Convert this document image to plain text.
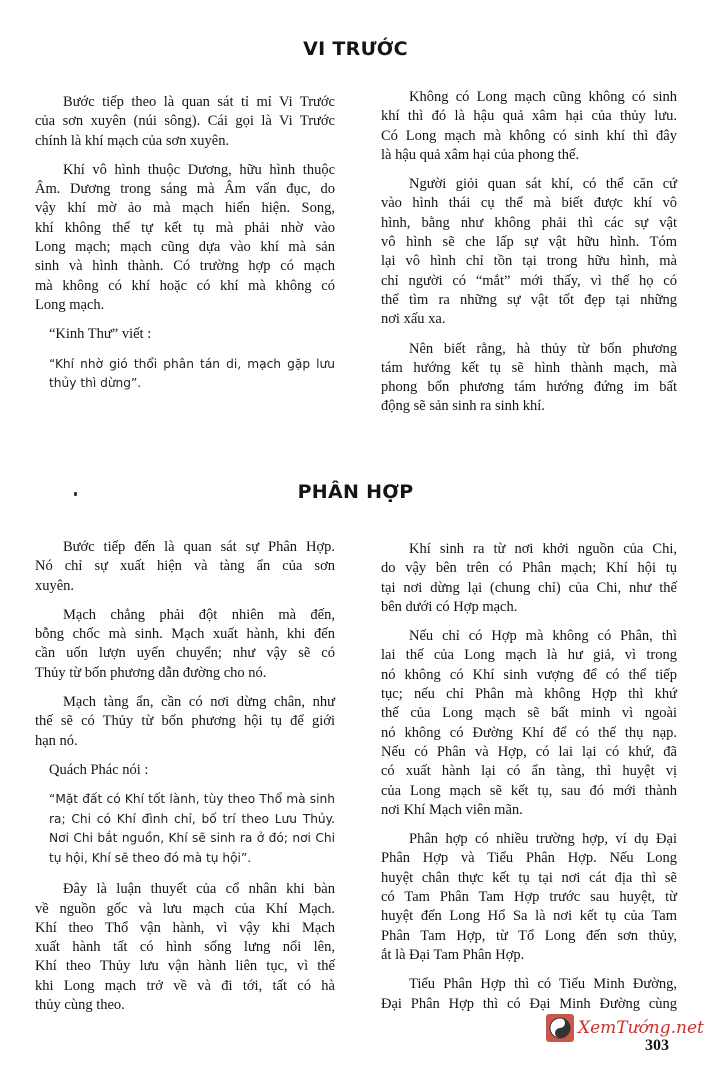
VI TRƯỚC
Bước tiếp theo là quan sát tỉ mỉ Vi Trước
của sơn xuyên (núi sông). Cái gọi là Vi Trước
chính là khí mạch của sơn xuyên.
Khí vô hình thuộc Dương, hữu hình thuộc
Âm. Dương trong sáng mà Âm vẩn đục, do
vậy khí mờ ảo mà mạch hiển hiện. Song,
khí không thể tự kết tụ mà phải nhờ vào
Long mạch; mạch cũng dựa vào khí mà sản
sinh và hình thành. Có trường hợp có mạch
mà không có khí hoặc có khí mà không có
Long mạch.
“Kinh Thư” viết :
“Khí nhờ gió thổi phân tán di, mạch gặp lưu
thủy thì dừng”.
Không có Long mạch cũng không có sinh
khí thì đó là hậu quả xâm hại của thủy lưu.
Có Long mạch mà không có sinh khí thì đây
là hậu quả xâm hại của phong thế.
Người giỏi quan sát khí, có thể căn cứ
vào hình thái cụ thể mà biết được khí vô
hình, bằng như không phải thì các sự vật
vô hình sẽ che lấp sự vật hữu hình. Tóm
lại vô hình chỉ tồn tại trong hữu hình, mà
chỉ người có “mắt” mới thấy, vì thế họ có
thể tìm ra những sự vật tốt đẹp tại những
nơi xấu xa.
Nên biết rằng, hà thủy từ bốn phương
tám hướng kết tụ sẽ hình thành mạch, mà
phong bốn phương tám hướng đứng im bất
động sẽ sản sinh ra sinh khí.
PHÂN HỢP
Bước tiếp đến là quan sát sự Phân Hợp.
Nó chỉ sự xuất hiện và tàng ẩn của sơn
xuyên.
Mạch chẳng phải đột nhiên mà đến,
bỗng chốc mà sinh. Mạch xuất hành, khi đến
cần uốn lượn uyển chuyển; như vậy sẽ có
Thủy từ bốn phương dẫn đường cho nó.
Mạch tàng ẩn, cần có nơi dừng chân, như
thế sẽ có Thủy từ bốn phương hội tụ để giới
hạn nó.
Quách Phác nói :
“Mặt đất có Khí tốt lành, tùy theo Thổ mà sinh
ra; Chi có Khí đình chỉ, bố trí theo Lưu Thủy.
Nơi Chi bắt nguồn, Khí sẽ sinh ra ở đó; nơi Chi
tụ hội, Khí sẽ theo đó mà tụ hội”.
Đây là luận thuyết của cổ nhân khi bàn
về nguồn gốc và lưu mạch của Khí Mạch.
Khí theo Thổ vận hành, vì vậy khi Mạch
xuất hành tất có hình sống lưng nổi lên,
Khí theo Thủy lưu vận hành liên tục, vì thế
khi Long mạch trở về và đi tới, tất có hà
thủy cùng theo.
Khí sinh ra từ nơi khởi nguồn của Chi,
do vậy bên trên có Phân mạch; Khí hội tụ
tại nơi dừng lại (chung chỉ) của Chi, như thế
bên dưới có Hợp mạch.
Nếu chỉ có Hợp mà không có Phân, thì
lai thế của Long mạch là hư giả, vì trong
nó không có Khí sinh vượng để có thể tiếp
tục; nếu chỉ Phân mà không Hợp thì khứ
thế của Long mạch sẽ bất minh vì ngoài
nó không có Đường Khí để có thể thụ nạp.
Nếu có Phân và Hợp, có lai lại có khứ, đã
có xuất hành lại có ẩn tàng, thì huyệt vị
của Long mạch sẽ kết tụ, sau đó mới thành
nơi Khí Mạch viên mãn.
Phân hợp có nhiều trường hợp, ví dụ Đại
Phân Hợp và Tiểu Phân Hợp. Nếu Long
huyệt chân thực kết tụ tại nơi cát địa thì sẽ
có Tam Phân Tam Hợp trước sau huyệt, từ
huyệt đến Long Hổ Sa là nơi kết tụ của Tam
Phân Tam Hợp, từ Tổ Long đến sơn thủy,
ắt là Đại Tam Phân Hợp.
Tiểu Phân Hợp thì có Tiểu Minh Đường,
Đại Phân Hợp thì có Đại Minh Đường cùng
XemTướng.net
303
